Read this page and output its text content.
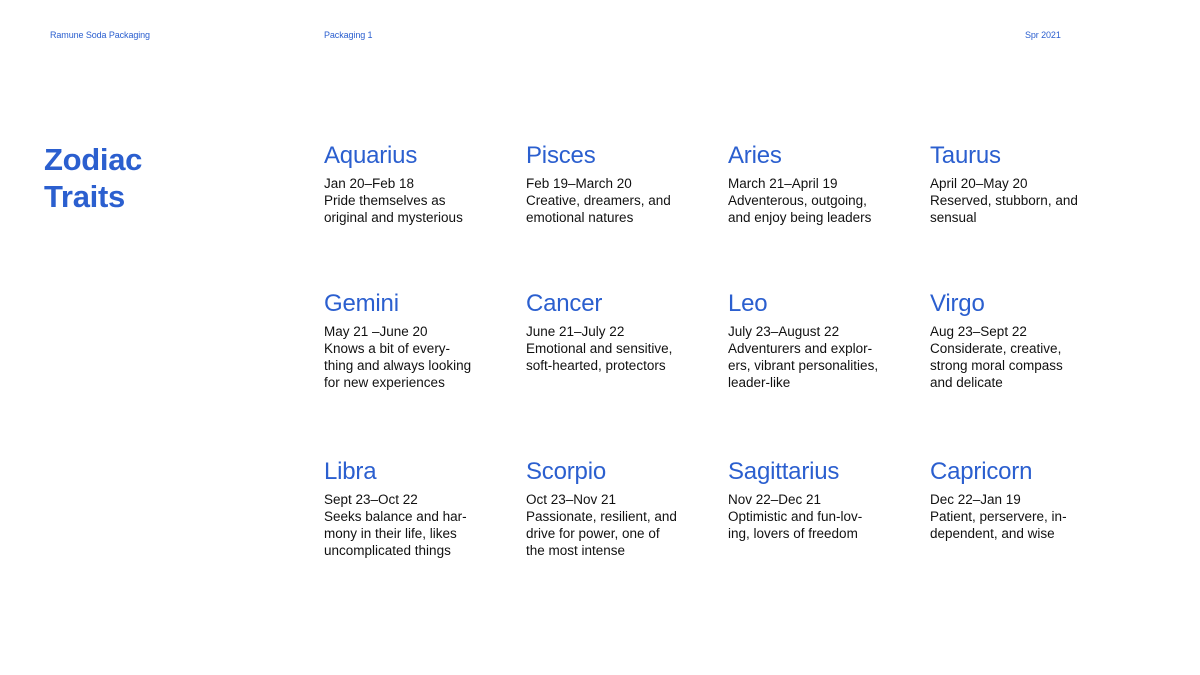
Ramune Soda Packaging	Packaging 1	Spr 2021
Zodiac
Traits
Aquarius
Jan 20–Feb 18
Pride themselves as
original and mysterious
Pisces
Feb 19–March 20
Creative, dreamers, and
emotional natures
Aries
March 21–April 19
Adventerous, outgoing,
and enjoy being leaders
Taurus
April 20–May 20
Reserved, stubborn, and
sensual
Gemini
May 21 –June 20
Knows a bit of every-
thing and always looking
for new experiences
Cancer
June 21–July 22
Emotional and sensitive,
soft-hearted, protectors
Leo
July 23–August 22
Adventurers and explor-
ers, vibrant personalities,
leader-like
Virgo
Aug 23–Sept 22
Considerate, creative,
strong moral compass
and delicate
Libra
Sept 23–Oct 22
Seeks balance and har-
mony in their life, likes
uncomplicated things
Scorpio
Oct 23–Nov 21
Passionate, resilient, and
drive for power, one of
the most intense
Sagittarius
Nov 22–Dec 21
Optimistic and fun-lov-
ing, lovers of freedom
Capricorn
Dec 22–Jan 19
Patient, perservere, in-
dependent, and wise
